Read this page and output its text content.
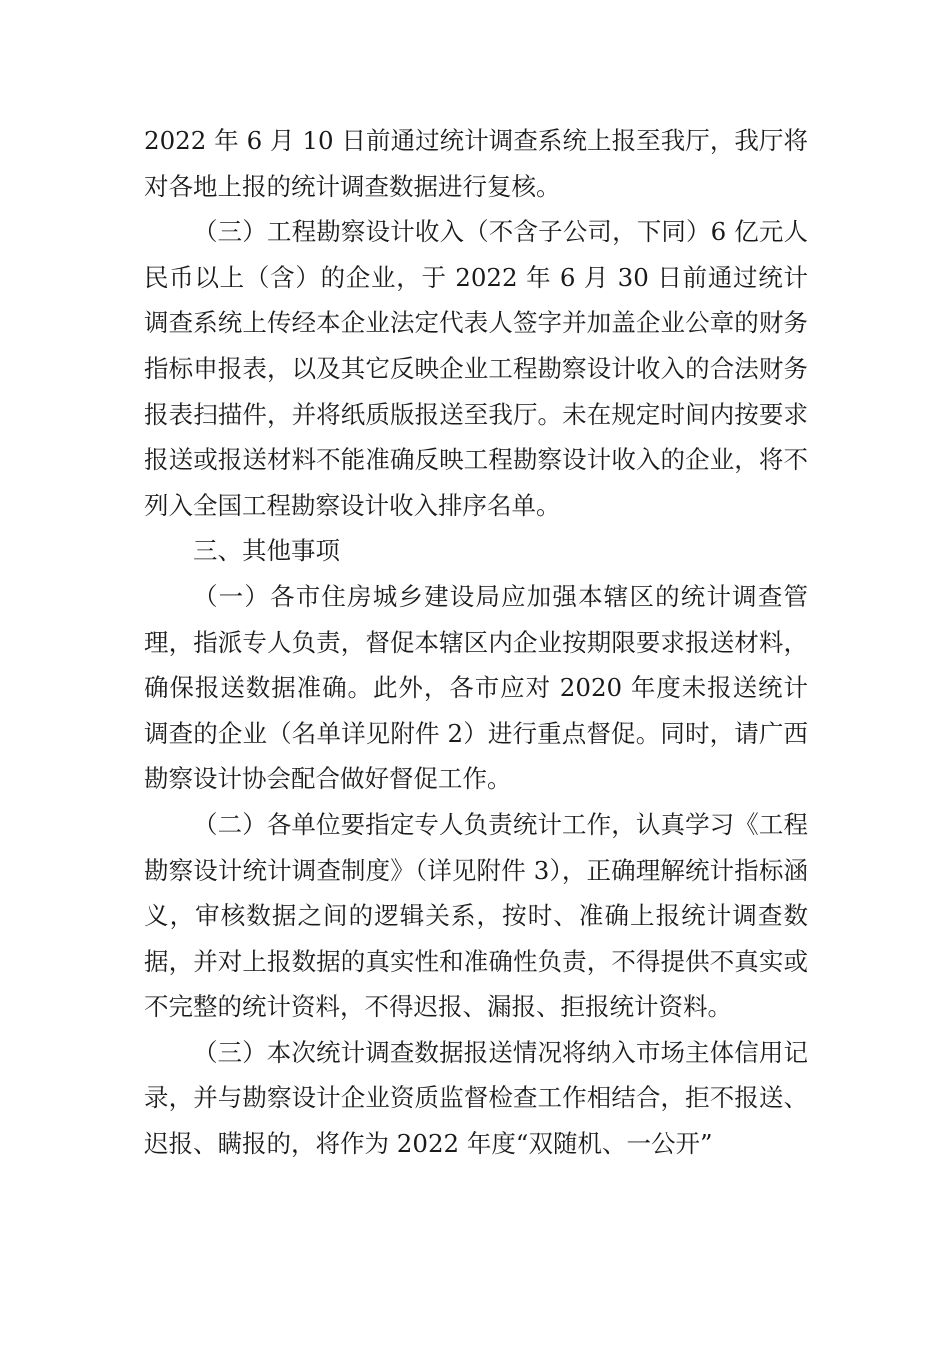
2022 年 6 月 10 日前通过统计调查系统上报至我厅，我厅将对各地上报的统计调查数据进行复核。

（三）工程勘察设计收入（不含子公司，下同）6 亿元人民币以上（含）的企业，于 2022 年 6 月 30 日前通过统计调查系统上传经本企业法定代表人签字并加盖企业公章的财务指标申报表，以及其它反映企业工程勘察设计收入的合法财务报表扫描件，并将纸质版报送至我厅。未在规定时间内按要求报送或报送材料不能准确反映工程勘察设计收入的企业，将不列入全国工程勘察设计收入排序名单。

三、其他事项

（一）各市住房城乡建设局应加强本辖区的统计调查管理，指派专人负责，督促本辖区内企业按期限要求报送材料，确保报送数据准确。此外，各市应对 2020 年度未报送统计调查的企业（名单详见附件 2）进行重点督促。同时，请广西勘察设计协会配合做好督促工作。

（二）各单位要指定专人负责统计工作，认真学习《工程勘察设计统计调查制度》（详见附件 3），正确理解统计指标涵义，审核数据之间的逻辑关系，按时、准确上报统计调查数据，并对上报数据的真实性和准确性负责，不得提供不真实或不完整的统计资料，不得迟报、漏报、拒报统计资料。

（三）本次统计调查数据报送情况将纳入市场主体信用记录，并与勘察设计企业资质监督检查工作相结合，拒不报送、迟报、瞒报的，将作为 2022 年度“双随机、一公开”
